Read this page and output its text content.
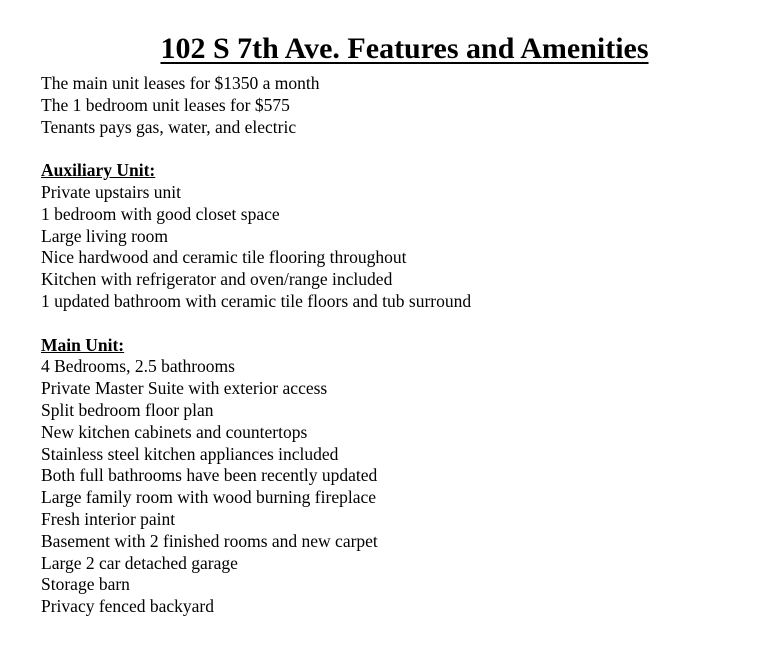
102 S 7th Ave. Features and Amenities

The main unit leases for $1350 a month

The 1 bedroom unit leases for $575

Tenants pays gas, water, and electric

Auxiliary Unit:

Private upstairs unit

1 bedroom with good closet space

Large living room

Nice hardwood and ceramic tile flooring throughout

Kitchen with refrigerator and oven/range included

1 updated bathroom with ceramic tile floors and tub surround

Main Unit:

4 Bedrooms, 2.5 bathrooms

Private Master Suite with exterior access

Split bedroom floor plan

New kitchen cabinets and countertops

Stainless steel kitchen appliances included

Both full bathrooms have been recently updated

Large family room with wood burning fireplace

Fresh interior paint

Basement with 2 finished rooms and new carpet

Large 2 car detached garage

Storage barn

Privacy fenced backyard
